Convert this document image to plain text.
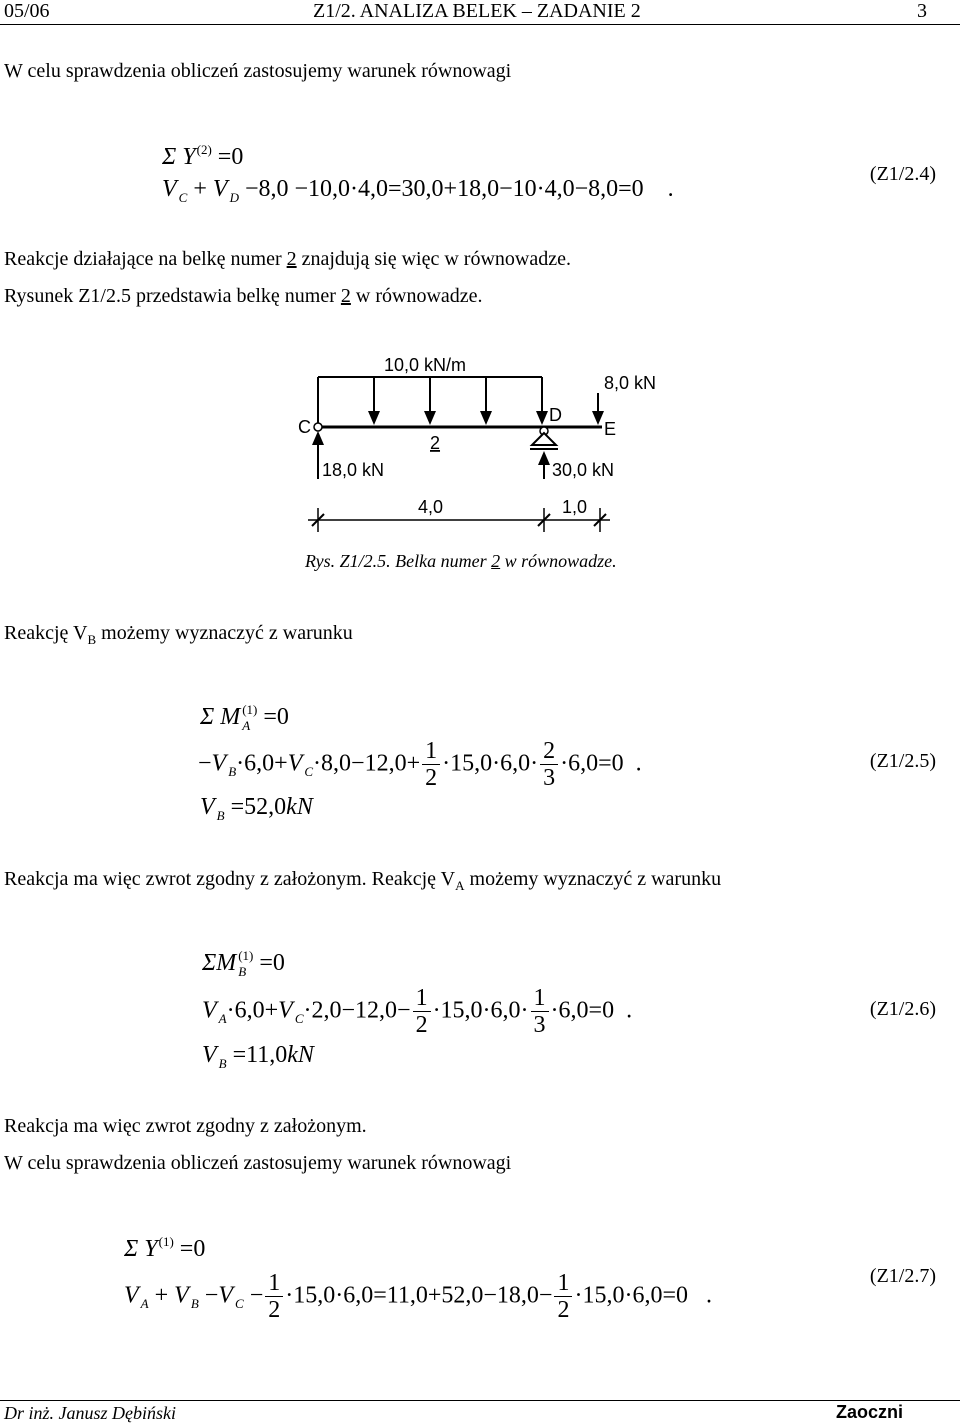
05/06	Z1/2. ANALIZA BELEK – ZADANIE 2	3
W celu sprawdzenia obliczeń zastosujemy warunek równowagi
Σ $Y^{(2)} =0$
V $_C$ + V $_D$ −8,0 −10,0·4,0=30,0+18,0−10·4,0−8,0=0    .
(Z1/2.4)
Reakcje działające na belkę numer 2 znajdują się więc w równowadze.
Rysunek Z1/2.5 przedstawia belkę numer 2 w równowadze.
10,0 kN/m
8,0 kN
C
D
E
2
18,0 kN	30,0 kN
4,0	1,0
Rys. Z1/2.5. Belka numer 2 w równowadze.
Reakcję $V_B$ możemy wyznaczyć z warunku
Σ M $_A^{(1)}$ =0
−V $_B$·6,0+V $_C\cdot 8,0-12,0+ \frac{1}{2} \cdot 15,0\cdot 6,0\cdot \frac{2}{3} \cdot 6,0=0$  .
V $_B$ =52,0kN
(Z1/2.5)
Reakcja ma więc zwrot zgodny z założonym. Reakcję $V_A$ możemy wyznaczyć z warunku
ΣM $_B^{(1)}$ =0
V $_A$·6,0+V $_C\cdot 2,0-12,0- \frac{1}{2} \cdot 15,0\cdot 6,0\cdot \frac{1}{3} \cdot 6,0=0$  .
V $_B$ =11,0kN
(Z1/2.6)
Reakcja ma więc zwrot zgodny z założonym.
W celu sprawdzenia obliczeń zastosujemy warunek równowagi
Σ $Y^{(1)} =0$
V $_A$ + V $_B$ −V $_C - \frac{1}{2} \cdot 15,0\cdot 6,0=11,0+52,0-18,0- \frac{1}{2} \cdot 15,0\cdot 6,0=0$   .
(Z1/2.7)
Dr inż. Janusz Dębiński	Zaoczni
